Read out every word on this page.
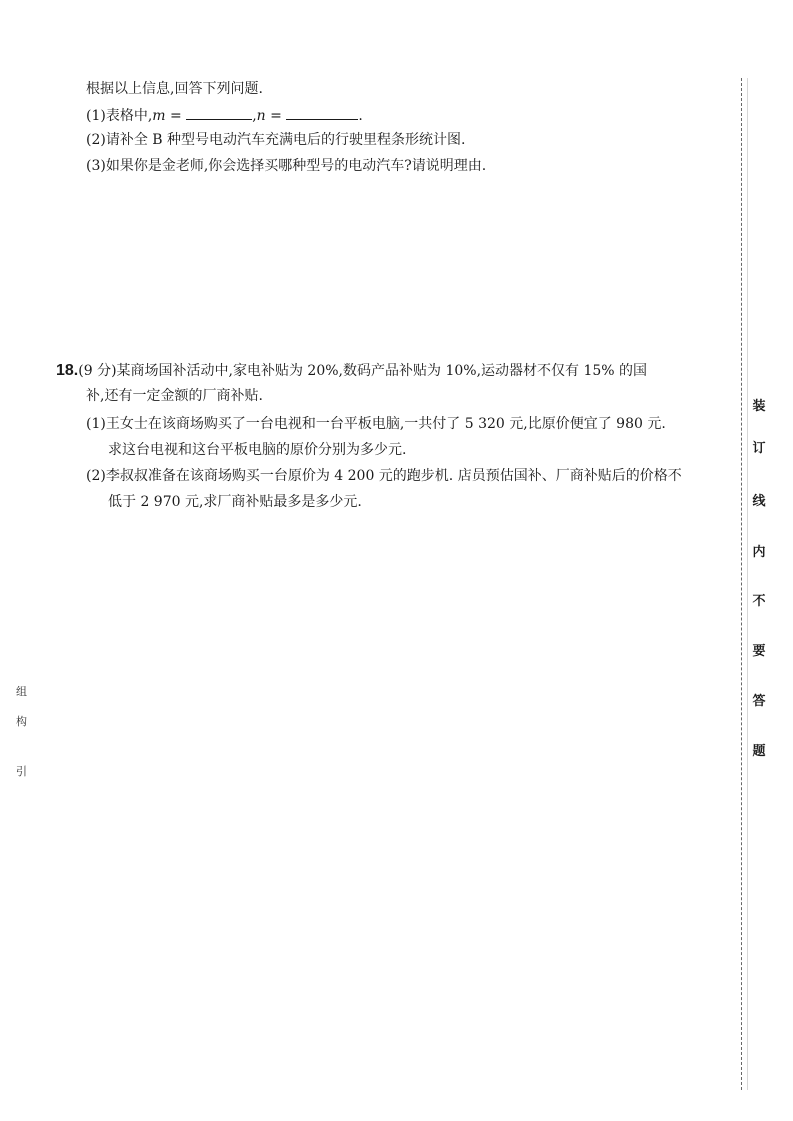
根据以上信息,回答下列问题.
(1)表格中,m =	,n =	.
(2)请补全 B 种型号电动汽车充满电后的行驶里程条形统计图.
(3)如果你是金老师,你会选择买哪种型号的电动汽车?请说明理由.
18.(9 分)某商场国补活动中,家电补贴为 20%,数码产品补贴为 10%,运动器材不仅有 15% 的国
补,还有一定金额的厂商补贴.
(1)王女士在该商场购买了一台电视和一台平板电脑,一共付了 5 320 元,比原价便宜了 980 元.
求这台电视和这台平板电脑的原价分别为多少元.
(2)李叔叔准备在该商场购买一台原价为 4 200 元的跑步机. 店员预估国补、厂商补贴后的价格不
低于 2 970 元,求厂商补贴最多是多少元.
装
订
线
内
不
要
答
题
组
构
引
